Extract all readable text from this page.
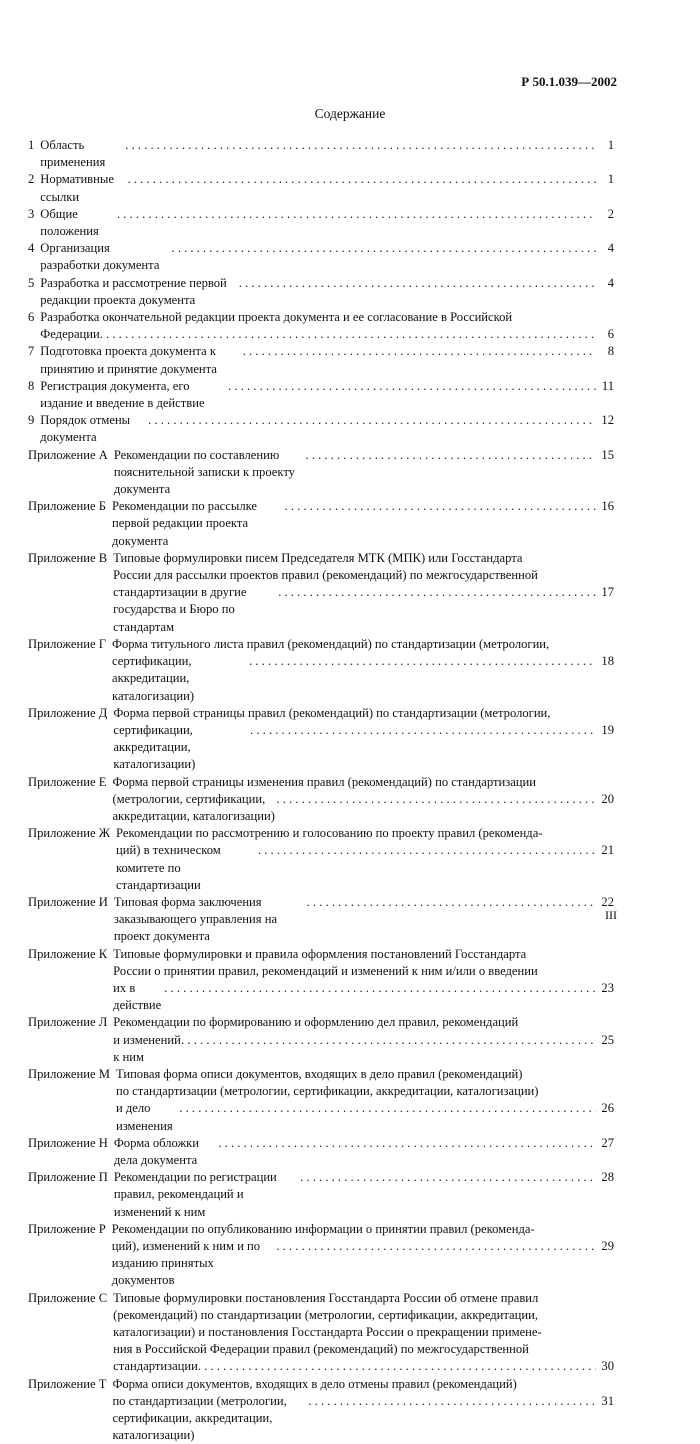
Р 50.1.039—2002
Содержание
1 Область применения
. . .
1
2 Нормативные ссылки
. . .
1
3 Общие положения
. . .
2
4 Организация разработки документа
. . .
4
5 Разработка и рассмотрение первой редакции проекта документа
. . .
4
6 Разработка окончательной редакции проекта документа и ее согласование в Российской
Федерации . . .	6
7 Подготовка проекта документа к принятию и принятие документа
. . .
8
8 Регистрация документа, его издание и введение в действие
. . .
11
9 Порядок отмены документа
. . .
12
Приложение А Рекомендации по составлению пояснительной записки к проекту документа
. . .
15
Приложение Б Рекомендации по рассылке первой редакции проекта документа
. . .
16
Приложение В Типовые формулировки писем Председателя МТК (МПК) или Госстандарта
России для рассылки проектов правил (рекомендаций) по межгосударственной
стандартизации в другие государства и Бюро по стандартам
. . .
17
Приложение Г Форма титульного листа правил (рекомендаций) по стандартизации (метрологии,
сертификации, аккредитации, каталогизации)
. . .
18
Приложение Д Форма первой страницы правил (рекомендаций) по стандартизации (метрологии,
сертификации, аккредитации, каталогизации)
. . .
19
Приложение Е Форма первой страницы изменения правил (рекомендаций) по стандартизации
(метрологии, сертификации, аккредитации, каталогизации)
. . .
20
Приложение Ж Рекомендации по рассмотрению и голосованию по проекту правил (рекоменда-
ций) в техническом комитете по стандартизации
. . .
21
Приложение И Типовая форма заключения заказывающего управления на проект документа
. . .
22
Приложение К Типовые формулировки и правила оформления постановлений Госстандарта
России о принятии правил, рекомендаций и изменений к ним и/или о введении
их в действие
. . .
23
Приложение Л Рекомендации по формированию и оформлению дел правил, рекомендаций
и изменений к ним
. . .
25
Приложение М Типовая форма описи документов, входящих в дело правил (рекомендаций)
по стандартизации (метрологии, сертификации, аккредитации, каталогизации)
и дело изменения
. . .
26
Приложение Н Форма обложки дела документа
. . .
27
Приложение П Рекомендации по регистрации правил, рекомендаций и изменений к ним
. . .
28
Приложение Р Рекомендации по опубликованию информации о принятии правил (рекоменда-
ций), изменений к ним и по изданию принятых документов
. . .
29
Приложение С Типовые формулировки постановления Госстандарта России об отмене правил
(рекомендаций) по стандартизации (метрологии, сертификации, аккредитации,
каталогизации) и постановления Госстандарта России о прекращении примене-
ния в Российской Федерации правил (рекомендаций) по межгосударственной
стандартизации . . .	30
Приложение Т Форма описи документов, входящих в дело отмены правил (рекомендаций)
по стандартизации (метрологии, сертификации, аккредитации, каталогизации)
. . .
31
III
